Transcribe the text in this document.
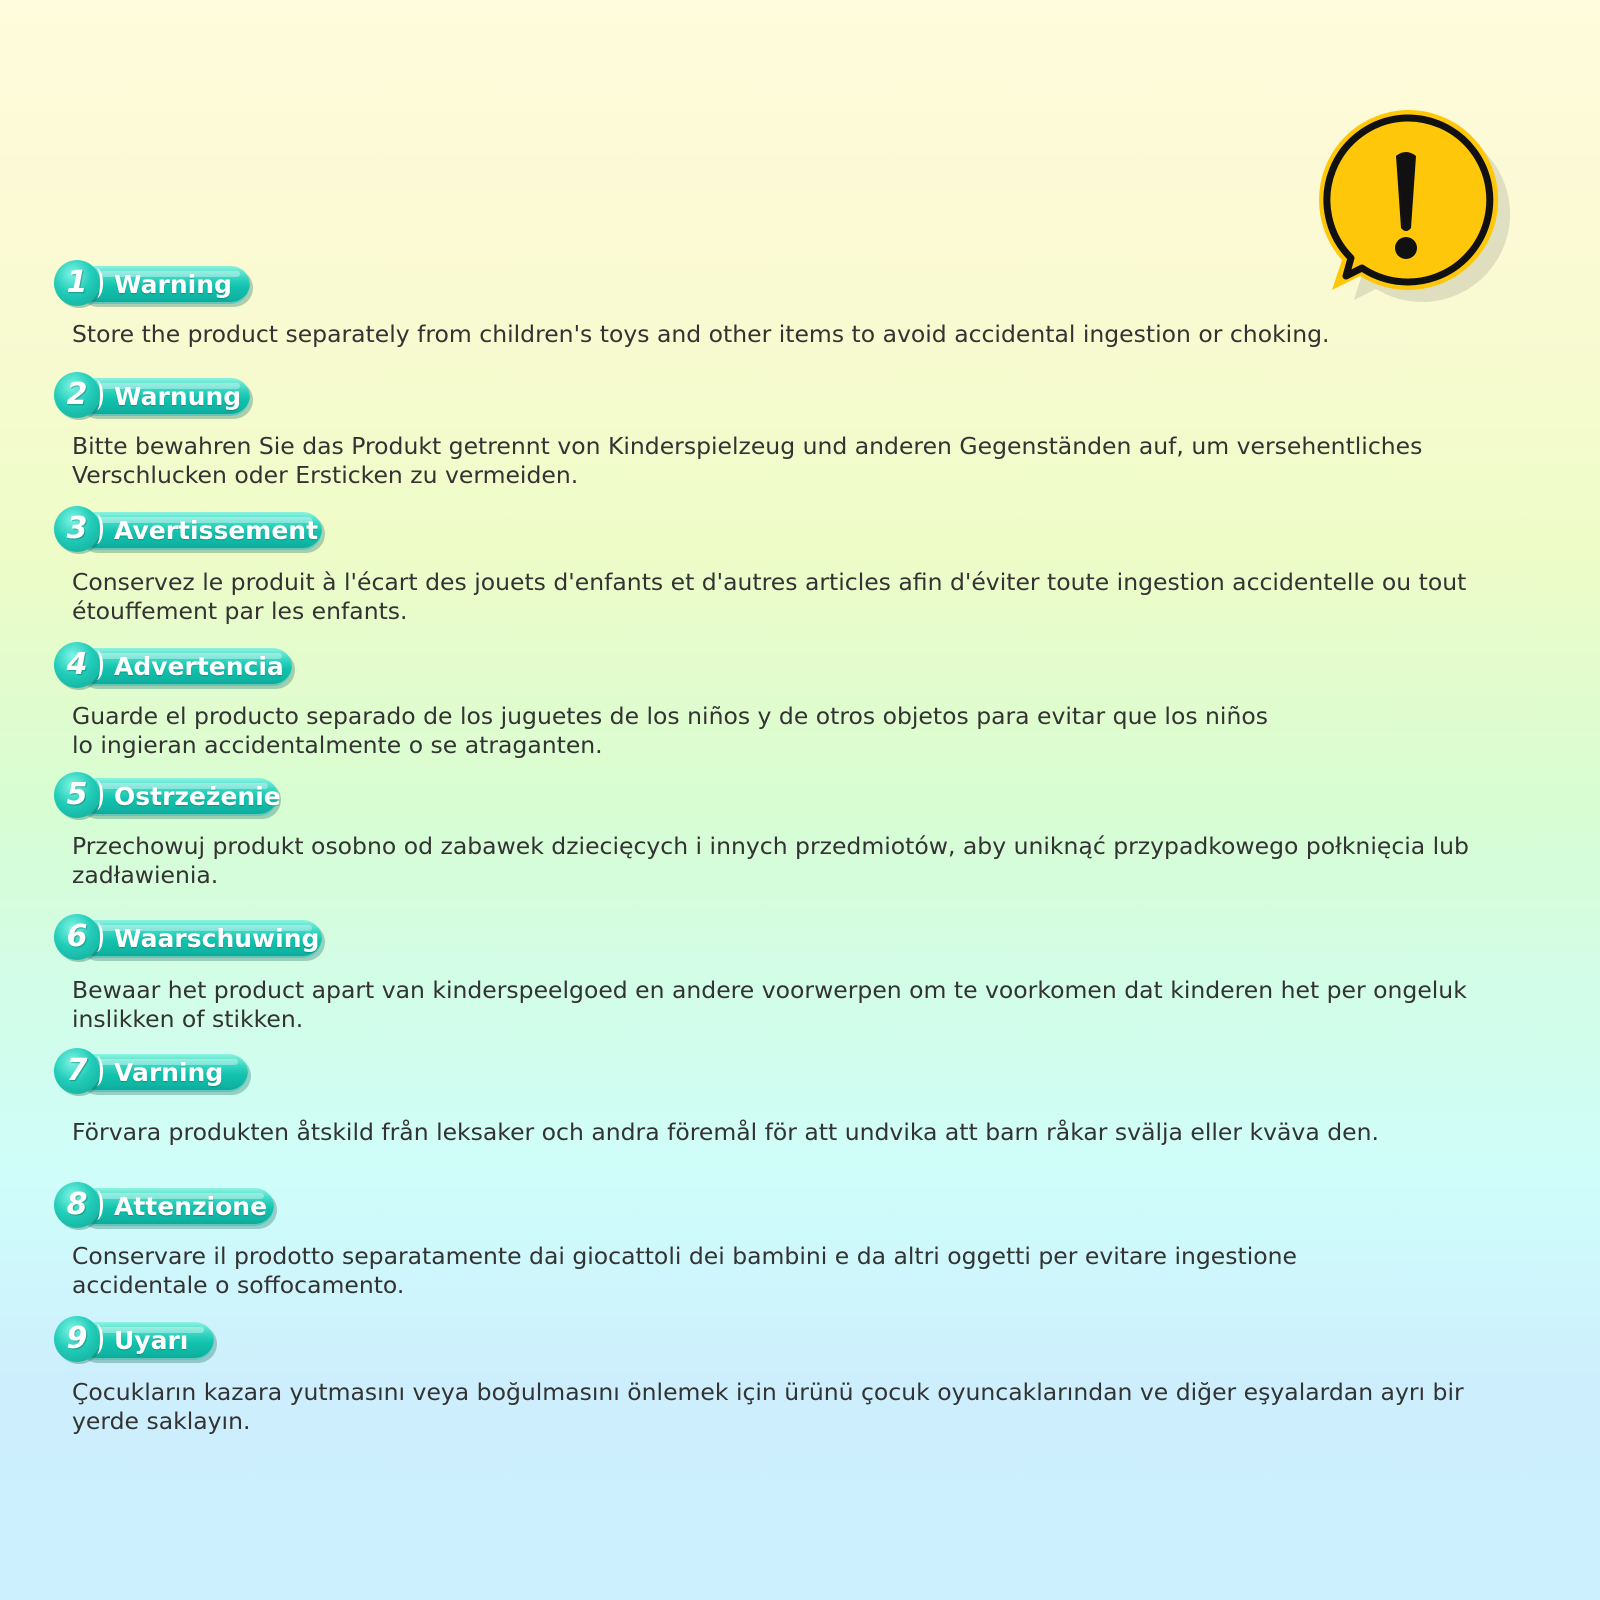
Warning
1

Store the product separately from children's toys and other items to avoid accidental ingestion or choking.

Warnung
2

Bitte bewahren Sie das Produkt getrennt von Kinderspielzeug und anderen Gegenständen auf, um versehentliches Verschlucken oder Ersticken zu vermeiden.

Avertissement
3

Conservez le produit à l'écart des jouets d'enfants et d'autres articles afin d'éviter toute ingestion accidentelle ou tout étouffement par les enfants.

Advertencia
4

Guarde el producto separado de los juguetes de los niños y de otros objetos para evitar que los niños lo ingieran accidentalmente o se atraganten.

Ostrzeżenie
5

Przechowuj produkt osobno od zabawek dziecięcych i innych przedmiotów, aby uniknąć przypadkowego połknięcia lub zadławienia.

Waarschuwing
6

Bewaar het product apart van kinderspeelgoed en andere voorwerpen om te voorkomen dat kinderen het per ongeluk inslikken of stikken.

Varning
7

Förvara produkten åtskild från leksaker och andra föremål för att undvika att barn råkar svälja eller kväva den.

Attenzione
8

Conservare il prodotto separatamente dai giocattoli dei bambini e da altri oggetti per evitare ingestione accidentale o soffocamento.

Uyarı
9

Çocukların kazara yutmasını veya boğulmasını önlemek için ürünü çocuk oyuncaklarından ve diğer eşyalardan ayrı bir yerde saklayın.
